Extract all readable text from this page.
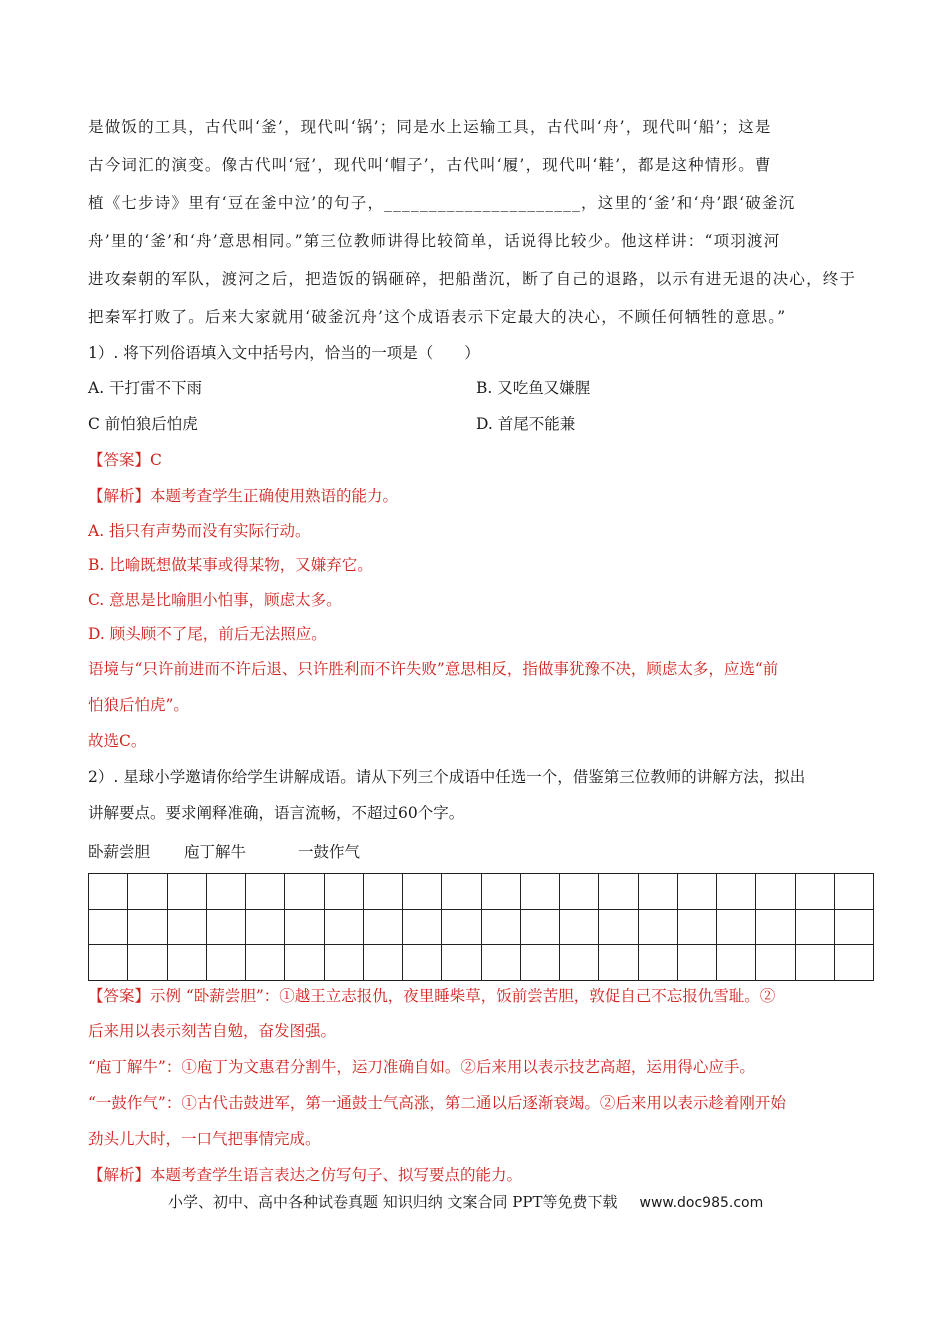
是做饭的工具，古代叫‘釜’，现代叫‘锅’；同是水上运输工具，古代叫‘舟’，现代叫‘船’；这是
古今词汇的演变。像古代叫‘冠’，现代叫‘帽子’，古代叫‘履’，现代叫‘鞋’，都是这种情形。曹
植《七步诗》里有‘豆在釜中泣’的句子，______________________，这里的‘釜’和‘舟’跟‘破釜沉
舟’里的‘釜’和‘舟’意思相同。”第三位教师讲得比较简单，话说得比较少。他这样讲：“项羽渡河
进攻秦朝的军队，渡河之后，把造饭的锅砸碎，把船凿沉，断了自己的退路，以示有进无退的决心，终于
把秦军打败了。后来大家就用‘破釜沉舟’这个成语表示下定最大的决心，不顾任何牺牲的意思。”
1）. 将下列俗语填入文中括号内，恰当的一项是（　　）
A. 干打雷不下雨	B. 又吃鱼又嫌腥
C 前怕狼后怕虎	D. 首尾不能兼
【答案】C
【解析】本题考查学生正确使用熟语的能力。
A. 指只有声势而没有实际行动。
B. 比喻既想做某事或得某物，又嫌弃它。
C. 意思是比喻胆小怕事，顾虑太多。
D. 顾头顾不了尾，前后无法照应。
语境与“只许前进而不许后退、只许胜利而不许失败”意思相反，指做事犹豫不决，顾虑太多，应选“前
怕狼后怕虎”。
故选C。
2）. 星球小学邀请你给学生讲解成语。请从下列三个成语中任选一个，借鉴第三位教师的讲解方法，拟出
讲解要点。要求阐释准确，语言流畅，不超过60个字。
卧薪尝胆 庖丁解牛	一鼓作气

【答案】示例 “卧薪尝胆”：①越王立志报仇，夜里睡柴草，饭前尝苦胆，敦促自己不忘报仇雪耻。②
后来用以表示刻苦自勉，奋发图强。
“庖丁解牛”：①庖丁为文惠君分割牛，运刀准确自如。②后来用以表示技艺高超，运用得心应手。
“一鼓作气”：①古代击鼓进军，第一通鼓士气高涨，第二通以后逐渐衰竭。②后来用以表示趁着刚开始
劲头儿大时，一口气把事情完成。
【解析】本题考查学生语言表达之仿写句子、拟写要点的能力。
小学、初中、高中各种试卷真题 知识归纳 文案合同 PPT等免费下载 www.doc985.com
